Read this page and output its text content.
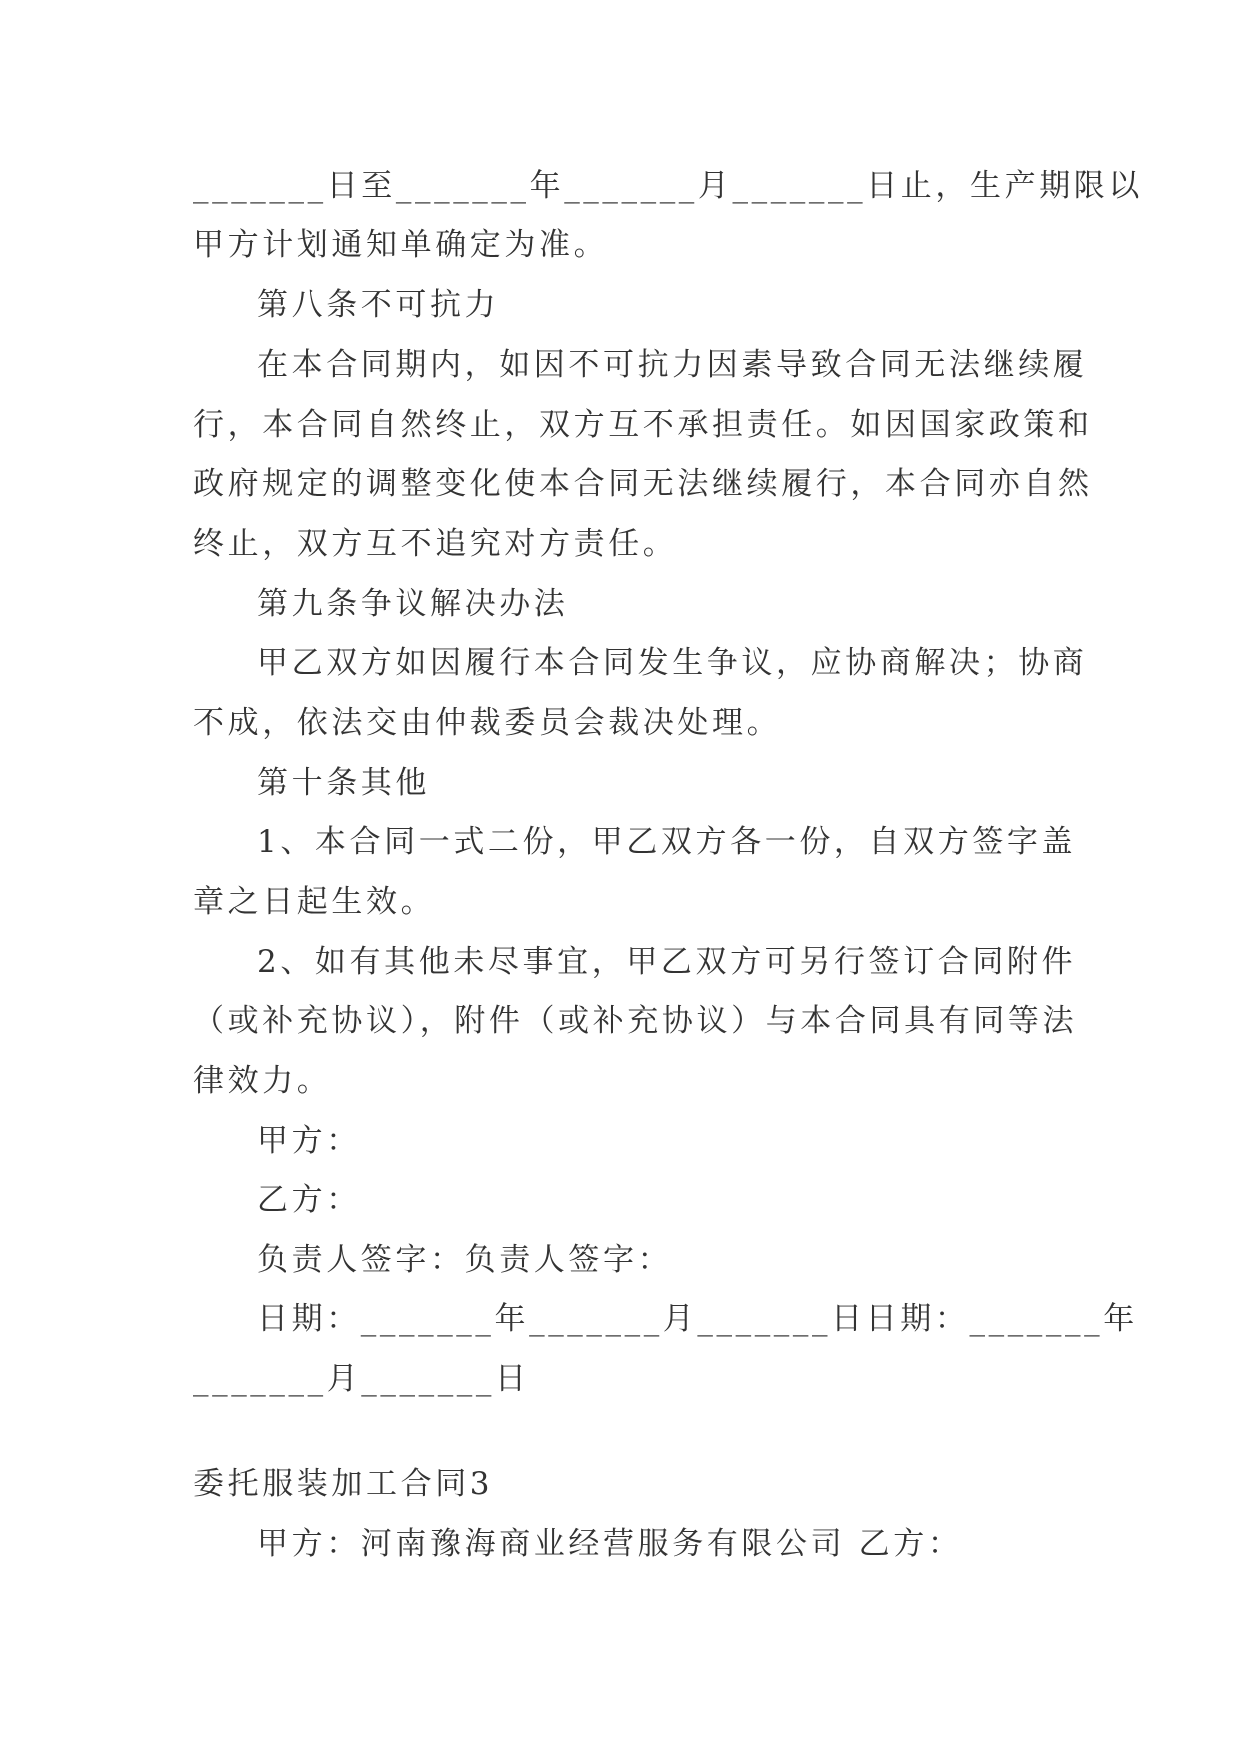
_______日至_______年_______月_______日止，生产期限以
甲方计划通知单确定为准。
第八条不可抗力
在本合同期内，如因不可抗力因素导致合同无法继续履
行，本合同自然终止，双方互不承担责任。如因国家政策和
政府规定的调整变化使本合同无法继续履行，本合同亦自然
终止，双方互不追究对方责任。
第九条争议解决办法
甲乙双方如因履行本合同发生争议，应协商解决；协商
不成，依法交由仲裁委员会裁决处理。
第十条其他
1、本合同一式二份，甲乙双方各一份，自双方签字盖
章之日起生效。
2、如有其他未尽事宜，甲乙双方可另行签订合同附件
（或补充协议），附件（或补充协议）与本合同具有同等法
律效力。
甲方：
乙方：
负责人签字：负责人签字：
日期：_______年_______月_______日日期：_______年
_______月_______日
委托服装加工合同3
甲方：河南豫海商业经营服务有限公司 乙方：
